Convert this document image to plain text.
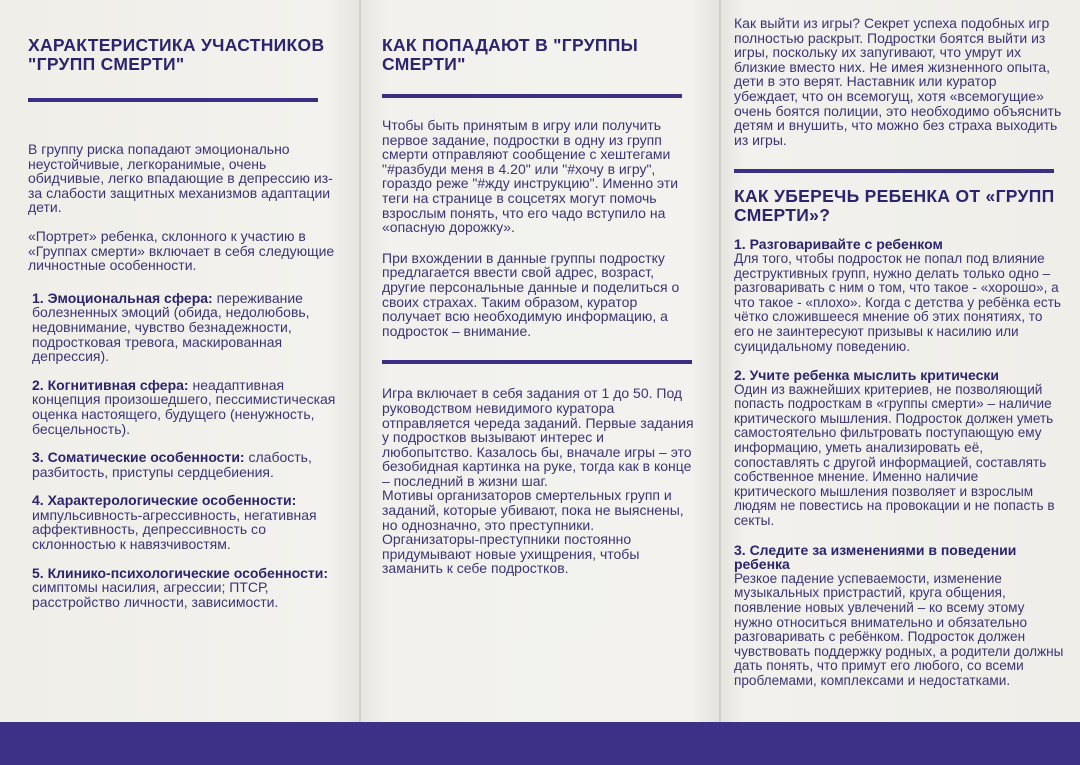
ХАРАКТЕРИСТИКА УЧАСТНИКОВ "ГРУПП СМЕРТИ"

В группу риска попадают эмоционально неустойчивые, легкоранимые, очень обидчивые, легко впадающие в депрессию из-за слабости защитных механизмов адаптации дети.

«Портрет» ребенка, склонного к участию в «Группах смерти» включает в себя следующие личностные особенности.

1. Эмоциональная сфера: переживание болезненных эмоций (обида, недолюбовь, недовнимание, чувство безнадежности, подростковая тревога, маскированная депрессия).
2. Когнитивная сфера: неадаптивная концепция произошедшего, пессимистическая оценка настоящего, будущего (ненужность, бесцельность).
3. Соматические особенности: слабость, разбитость, приступы сердцебиения.
4. Характерологические особенности: импульсивность-агрессивность, негативная аффективность, депрессивность со склонностью к навязчивостям.
5. Клинико-психологические особенности: симптомы насилия, агрессии; ПТСР, расстройство личности, зависимости.
КАК ПОПАДАЮТ В "ГРУППЫ СМЕРТИ"

Чтобы быть принятым в игру или получить первое задание, подростки в одну из групп смерти отправляют сообщение с хештегами "#разбуди меня в 4.20" или "#хочу в игру", гораздо реже "#жду инструкцию". Именно эти теги на странице в соцсетях могут помочь взрослым понять, что его чадо вступило на «опасную дорожку».

При вхождении в данные группы подростку предлагается ввести свой адрес, возраст, другие персональные данные и поделиться о своих страхах. Таким образом, куратор получает всю необходимую информацию, а подросток – внимание.

Игра включает в себя задания от 1 до 50. Под руководством невидимого куратора отправляется череда заданий. Первые задания у подростков вызывают интерес и любопытство. Казалось бы, вначале игры – это безобидная картинка на руке, тогда как в конце – последний в жизни шаг.

Мотивы организаторов смертельных групп и заданий, которые убивают, пока не выяснены, но однозначно, это преступники. Организаторы-преступники постоянно придумывают новые ухищрения, чтобы заманить к себе подростков.

Как выйти из игры? Секрет успеха подобных игр полностью раскрыт. Подростки боятся выйти из игры, поскольку их запугивают, что умрут их близкие вместо них. Не имея жизненного опыта, дети в это верят. Наставник или куратор убеждает, что он всемогущ, хотя «всемогущие» очень боятся полиции, это необходимо объяснить детям и внушить, что можно без страха выходить из игры.

КАК УБЕРЕЧЬ РЕБЕНКА ОТ «ГРУПП СМЕРТИ»?
1. Разговаривайте с ребенком

Для того, чтобы подросток не попал под влияние деструктивных групп, нужно делать только одно – разговаривать с ним о том, что такое - «хорошо», а что такое - «плохо». Когда с детства у ребёнка есть чётко сложившееся мнение об этих понятиях, то его не заинтересуют призывы к насилию или суицидальному поведению.

2. Учите ребенка мыслить критически

Один из важнейших критериев, не позволяющий попасть подросткам в «группы смерти» – наличие критического мышления. Подросток должен уметь самостоятельно фильтровать поступающую ему информацию, уметь анализировать её, сопоставлять с другой информацией, составлять собственное мнение. Именно наличие критического мышления позволяет и взрослым людям не повестись на провокации и не попасть в секты.

3. Следите за изменениями в поведении ребенка

Резкое падение успеваемости, изменение музыкальных пристрастий, круга общения, появление новых увлечений – ко всему этому нужно относиться внимательно и обязательно разговаривать с ребёнком. Подросток должен чувствовать поддержку родных, а родители должны дать понять, что примут его любого, со всеми проблемами, комплексами и недостатками.
